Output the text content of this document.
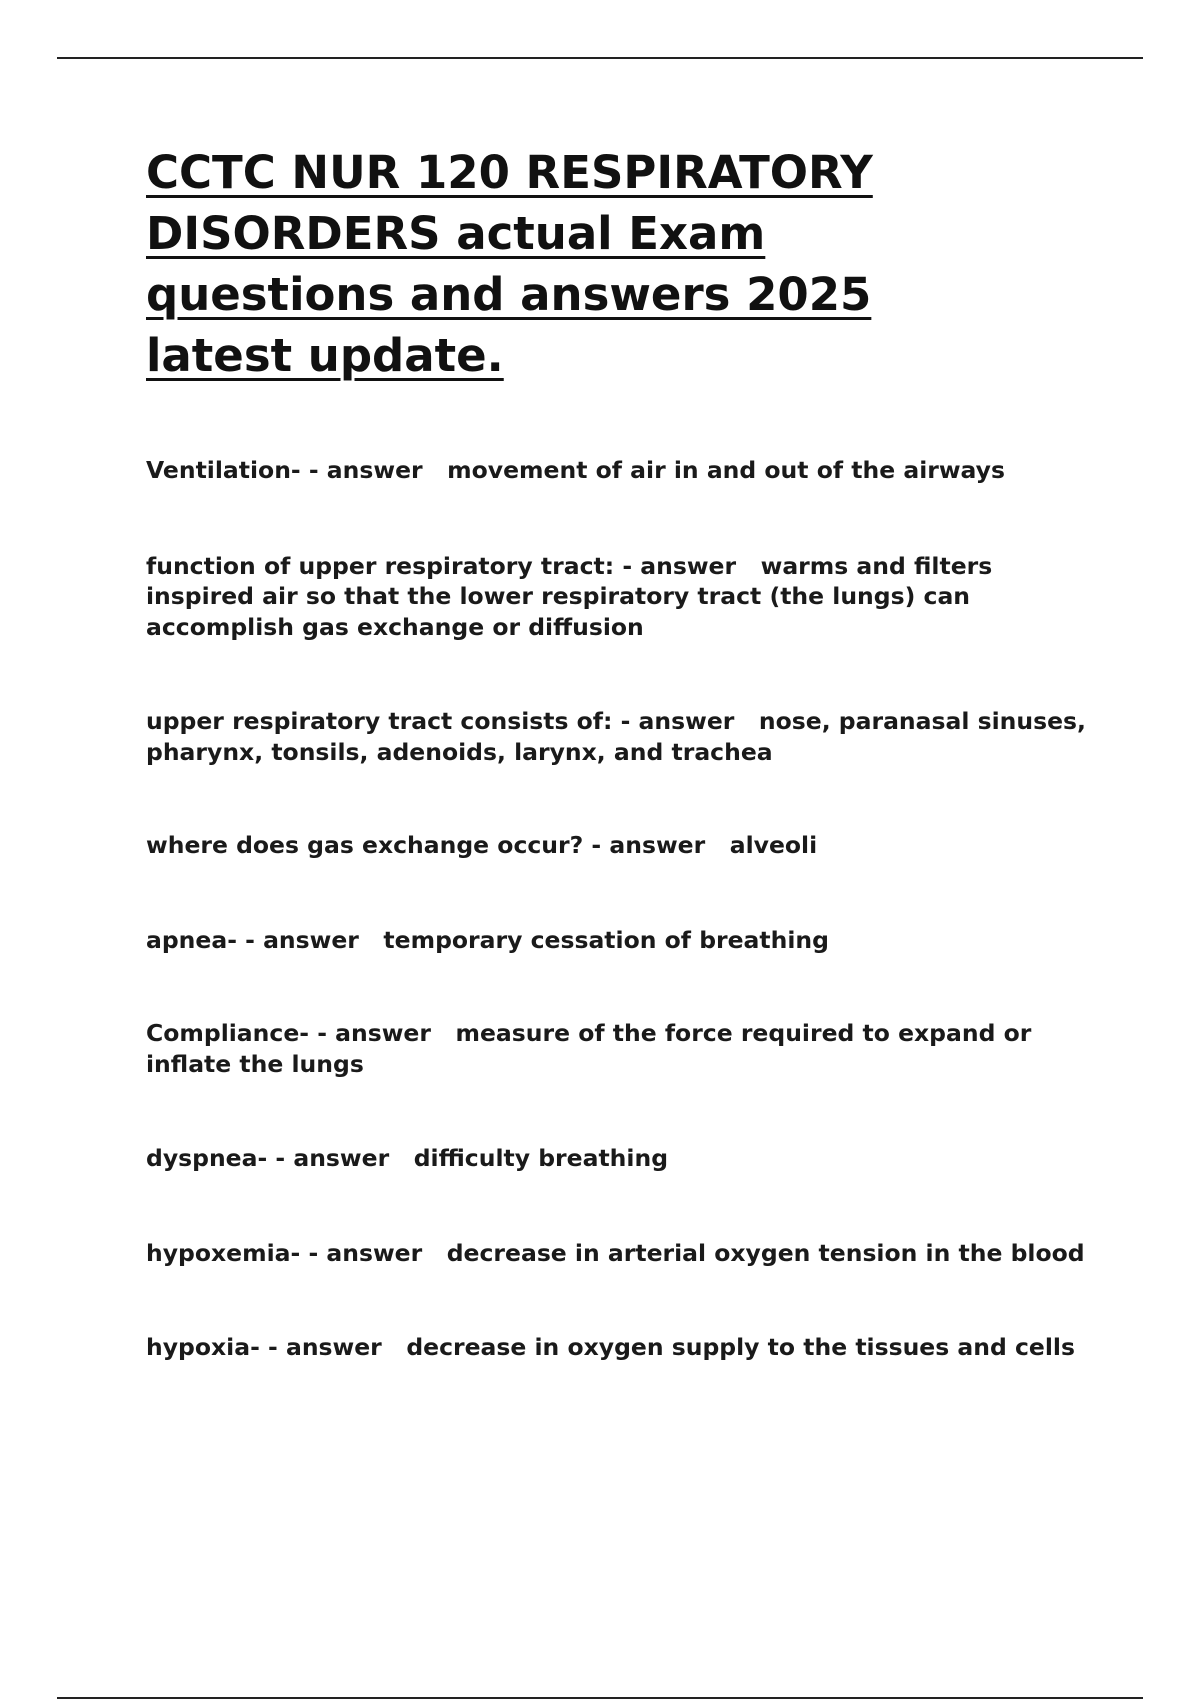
CCTC NUR 120 RESPIRATORY DISORDERS actual Exam questions and answers 2025 latest update.

Ventilation- - answer   movement of air in and out of the airways

function of upper respiratory tract: - answer   warms and filters inspired air so that the lower respiratory tract (the lungs) can accomplish gas exchange or diffusion

upper respiratory tract consists of: - answer   nose, paranasal sinuses, pharynx, tonsils, adenoids, larynx, and trachea

where does gas exchange occur? - answer   alveoli

apnea- - answer   temporary cessation of breathing

Compliance- - answer   measure of the force required to expand or inflate the lungs

dyspnea- - answer   difficulty breathing

hypoxemia- - answer   decrease in arterial oxygen tension in the blood

hypoxia- - answer   decrease in oxygen supply to the tissues and cells
